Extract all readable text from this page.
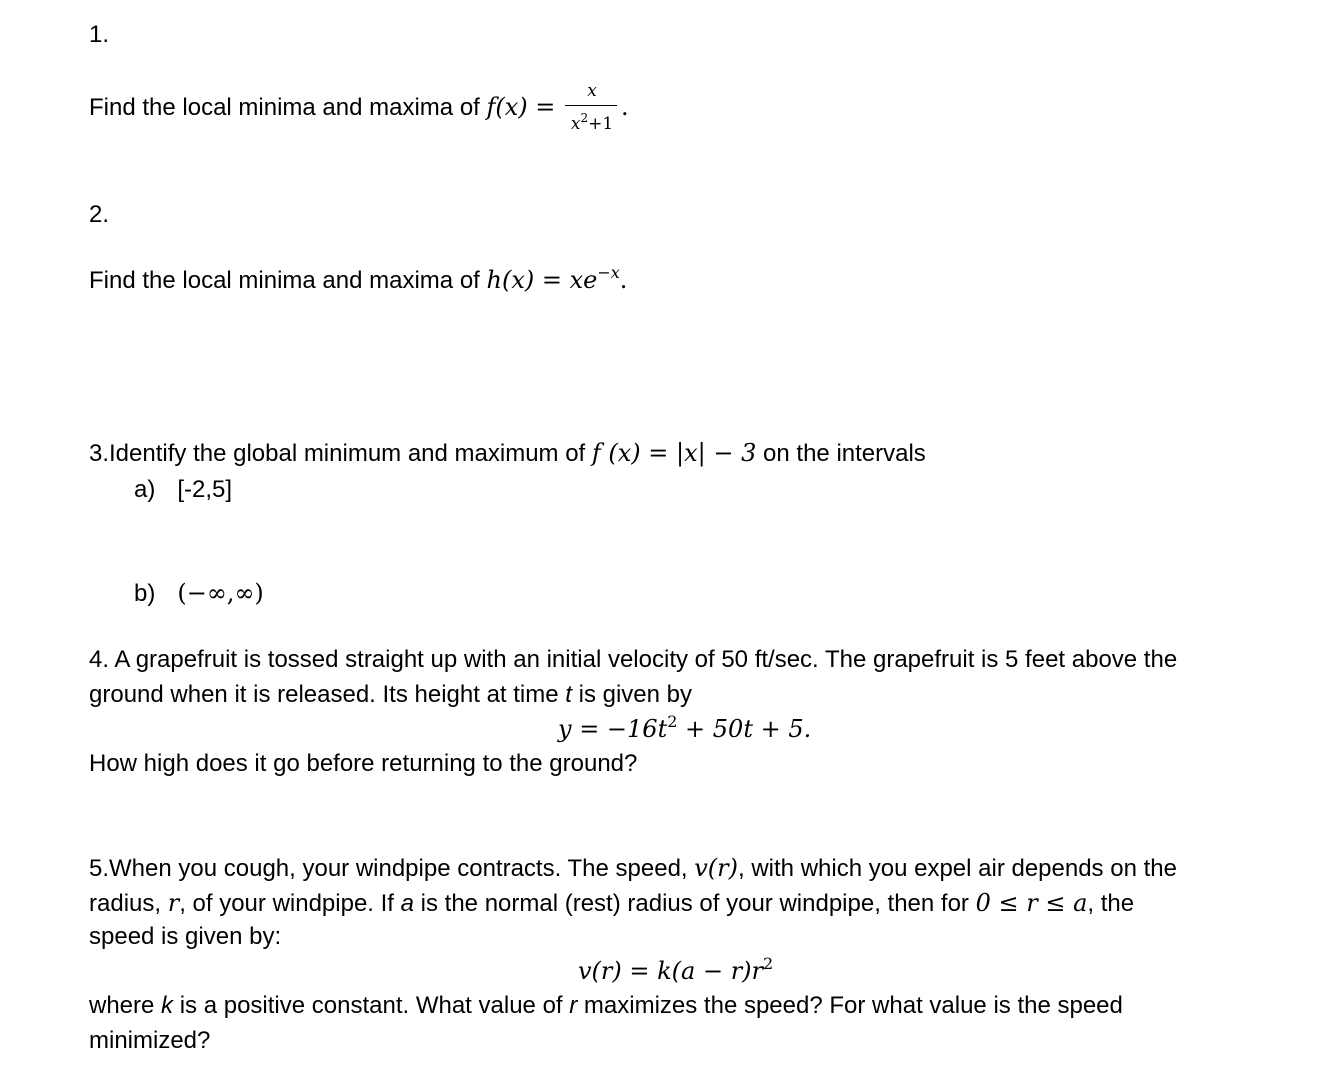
1.
Find the local minima and maxima of $f(x) = \frac{x}{x^2+1}$ .
2.
Find the local minima and maxima of $h(x) = xe^{-x}$.
3.Identify the global minimum and maximum of f (x) = |x| − 3 on the intervals
a) [-2,5]
b) (−∞,∞)
4. A grapefruit is tossed straight up with an initial velocity of 50 ft/sec. The grapefruit is 5 feet above the
ground when it is released. Its height at time t is given by
$y = -16t^2 + 50t + 5$.
How high does it go before returning to the ground?
5.When you cough, your windpipe contracts. The speed, v(r), with which you expel air depends on the
radius, r, of your windpipe. If a is the normal (rest) radius of your windpipe, then for 0 ≤ r ≤ a, the
speed is given by:
$v(r) = k(a - r)r^2$
where k is a positive constant. What value of r maximizes the speed? For what value is the speed
minimized?
